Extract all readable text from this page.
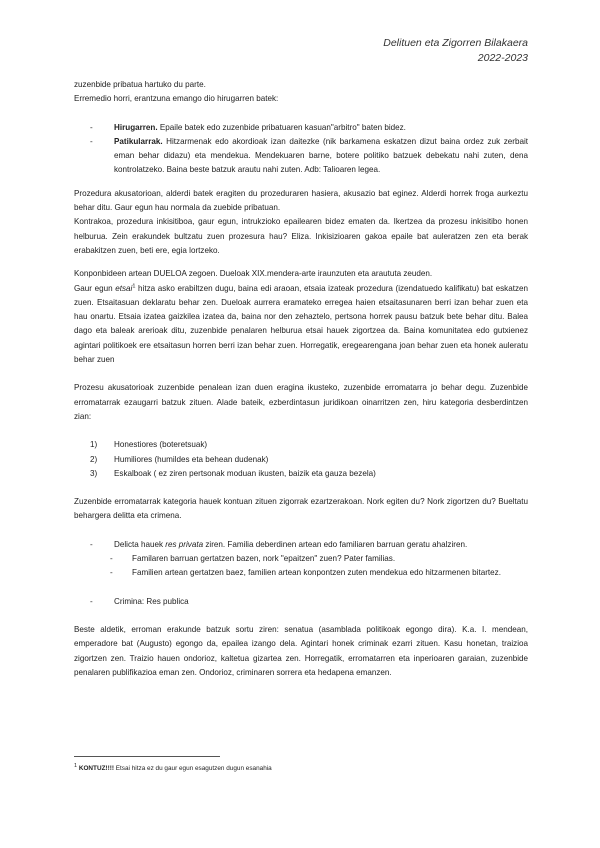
Delituen eta Zigorren Bilakaera
2022-2023

zuzenbide pribatua hartuko du parte.

Erremedio horri, erantzuna emango dio hirugarren batek:

- Hirugarren. Epaile batek edo zuzenbide pribatuaren kasuan"arbitro" baten bidez.
- Patikularrak. Hitzarmenak edo akordioak izan daitezke (nik barkamena eskatzen dizut baina ordez zuk zerbait eman behar didazu) eta mendekua. Mendekuaren barne, botere politiko batzuek debekatu nahi zuten, dena kontrolatzeko. Baina beste batzuk arautu nahi zuten. Adb: Talioaren legea.

Prozedura akusatorioan, alderdi batek eragiten du prozeduraren hasiera, akusazio bat eginez. Alderdi horrek froga aurkeztu behar ditu. Gaur egun hau normala da zuebide pribatuan.

Kontrakoa, prozedura inkisitiboa, gaur egun, intrukzioko epailearen bidez ematen da. Ikertzea da prozesu inkisitibo honen helburua. Zein erakundek bultzatu zuen prozesura hau? Eliza. Inkisizioaren gakoa epaile bat auleratzen zen eta berak erabakitzen zuen, beti ere, egia lortzeko.

Konponbideen artean DUELOA zegoen. Dueloak XIX.mendera-arte iraunzuten eta araututa zeuden.

Gaur egun etsai$^1$ hitza asko erabiltzen dugu, baina edi araoan, etsaia izateak prozedura (izendatuedo kalifikatu) bat eskatzen zuen. Etsaitasuan deklaratu behar zen. Dueloak aurrera eramateko erregea haien etsaitasunaren berri izan behar zuen eta hau onartu. Etsaia izatea gaizkilea izatea da, baina nor den zehaztelo, pertsona horrek pausu batzuk bete behar ditu. Balea dago eta baleak arerioak ditu, zuzenbide penalaren helburua etsai hauek zigortzea da. Baina komunitatea edo gutxienez agintari politikoek ere etsaitasun horren berri izan behar zuen. Horregatik, eregearengana joan behar zuen eta honek auleratu behar zuen

Prozesu akusatorioak zuzenbide penalean izan duen eragina ikusteko, zuzenbide erromatarra jo behar degu. Zuzenbide erromatarrak ezaugarri batzuk zituen. Alade bateik, ezberdintasun juridikoan oinarritzen zen, hiru kategoria desberdintzen zian:

1) Honestiores (boteretsuak)
2) Humiliores (humildes eta behean dudenak)
3) Eskalboak ( ez ziren pertsonak moduan ikusten, baizik eta gauza bezela)

Zuzenbide erromatarrak kategoria hauek kontuan zituen zigorrak ezartzerakoan. Nork egiten du? Nork zigortzen du? Bueltatu behargera delitta eta crimena.

- Delicta hauek res privata ziren. Familia deberdinen artean edo familiaren barruan geratu ahalziren.
- Familaren barruan gertatzen bazen, nork "epaitzen" zuen? Pater familias.
- Familien artean gertatzen baez, familien artean konpontzen zuten mendekua edo hitzarmenen bitartez.
- Crimina: Res publica

Beste aldetik, erroman erakunde batzuk sortu ziren: senatua (asamblada politikoak egongo dira). K.a. I. mendean, emperadore bat (Augusto) egongo da, epailea izango dela. Agintari honek criminak ezarri zituen. Kasu honetan, traizioa zigortzen zen. Traizio hauen ondorioz, kaltetua gizartea zen. Horregatik, erromatarren eta inperioaren garaian, zuzenbide penalaren publifikazioa eman zen. Ondorioz, criminaren sorrera eta hedapena emanzen.

$^1$ KONTUZ!!!! Etsai hitza ez du gaur egun esagutzen dugun esanahia
